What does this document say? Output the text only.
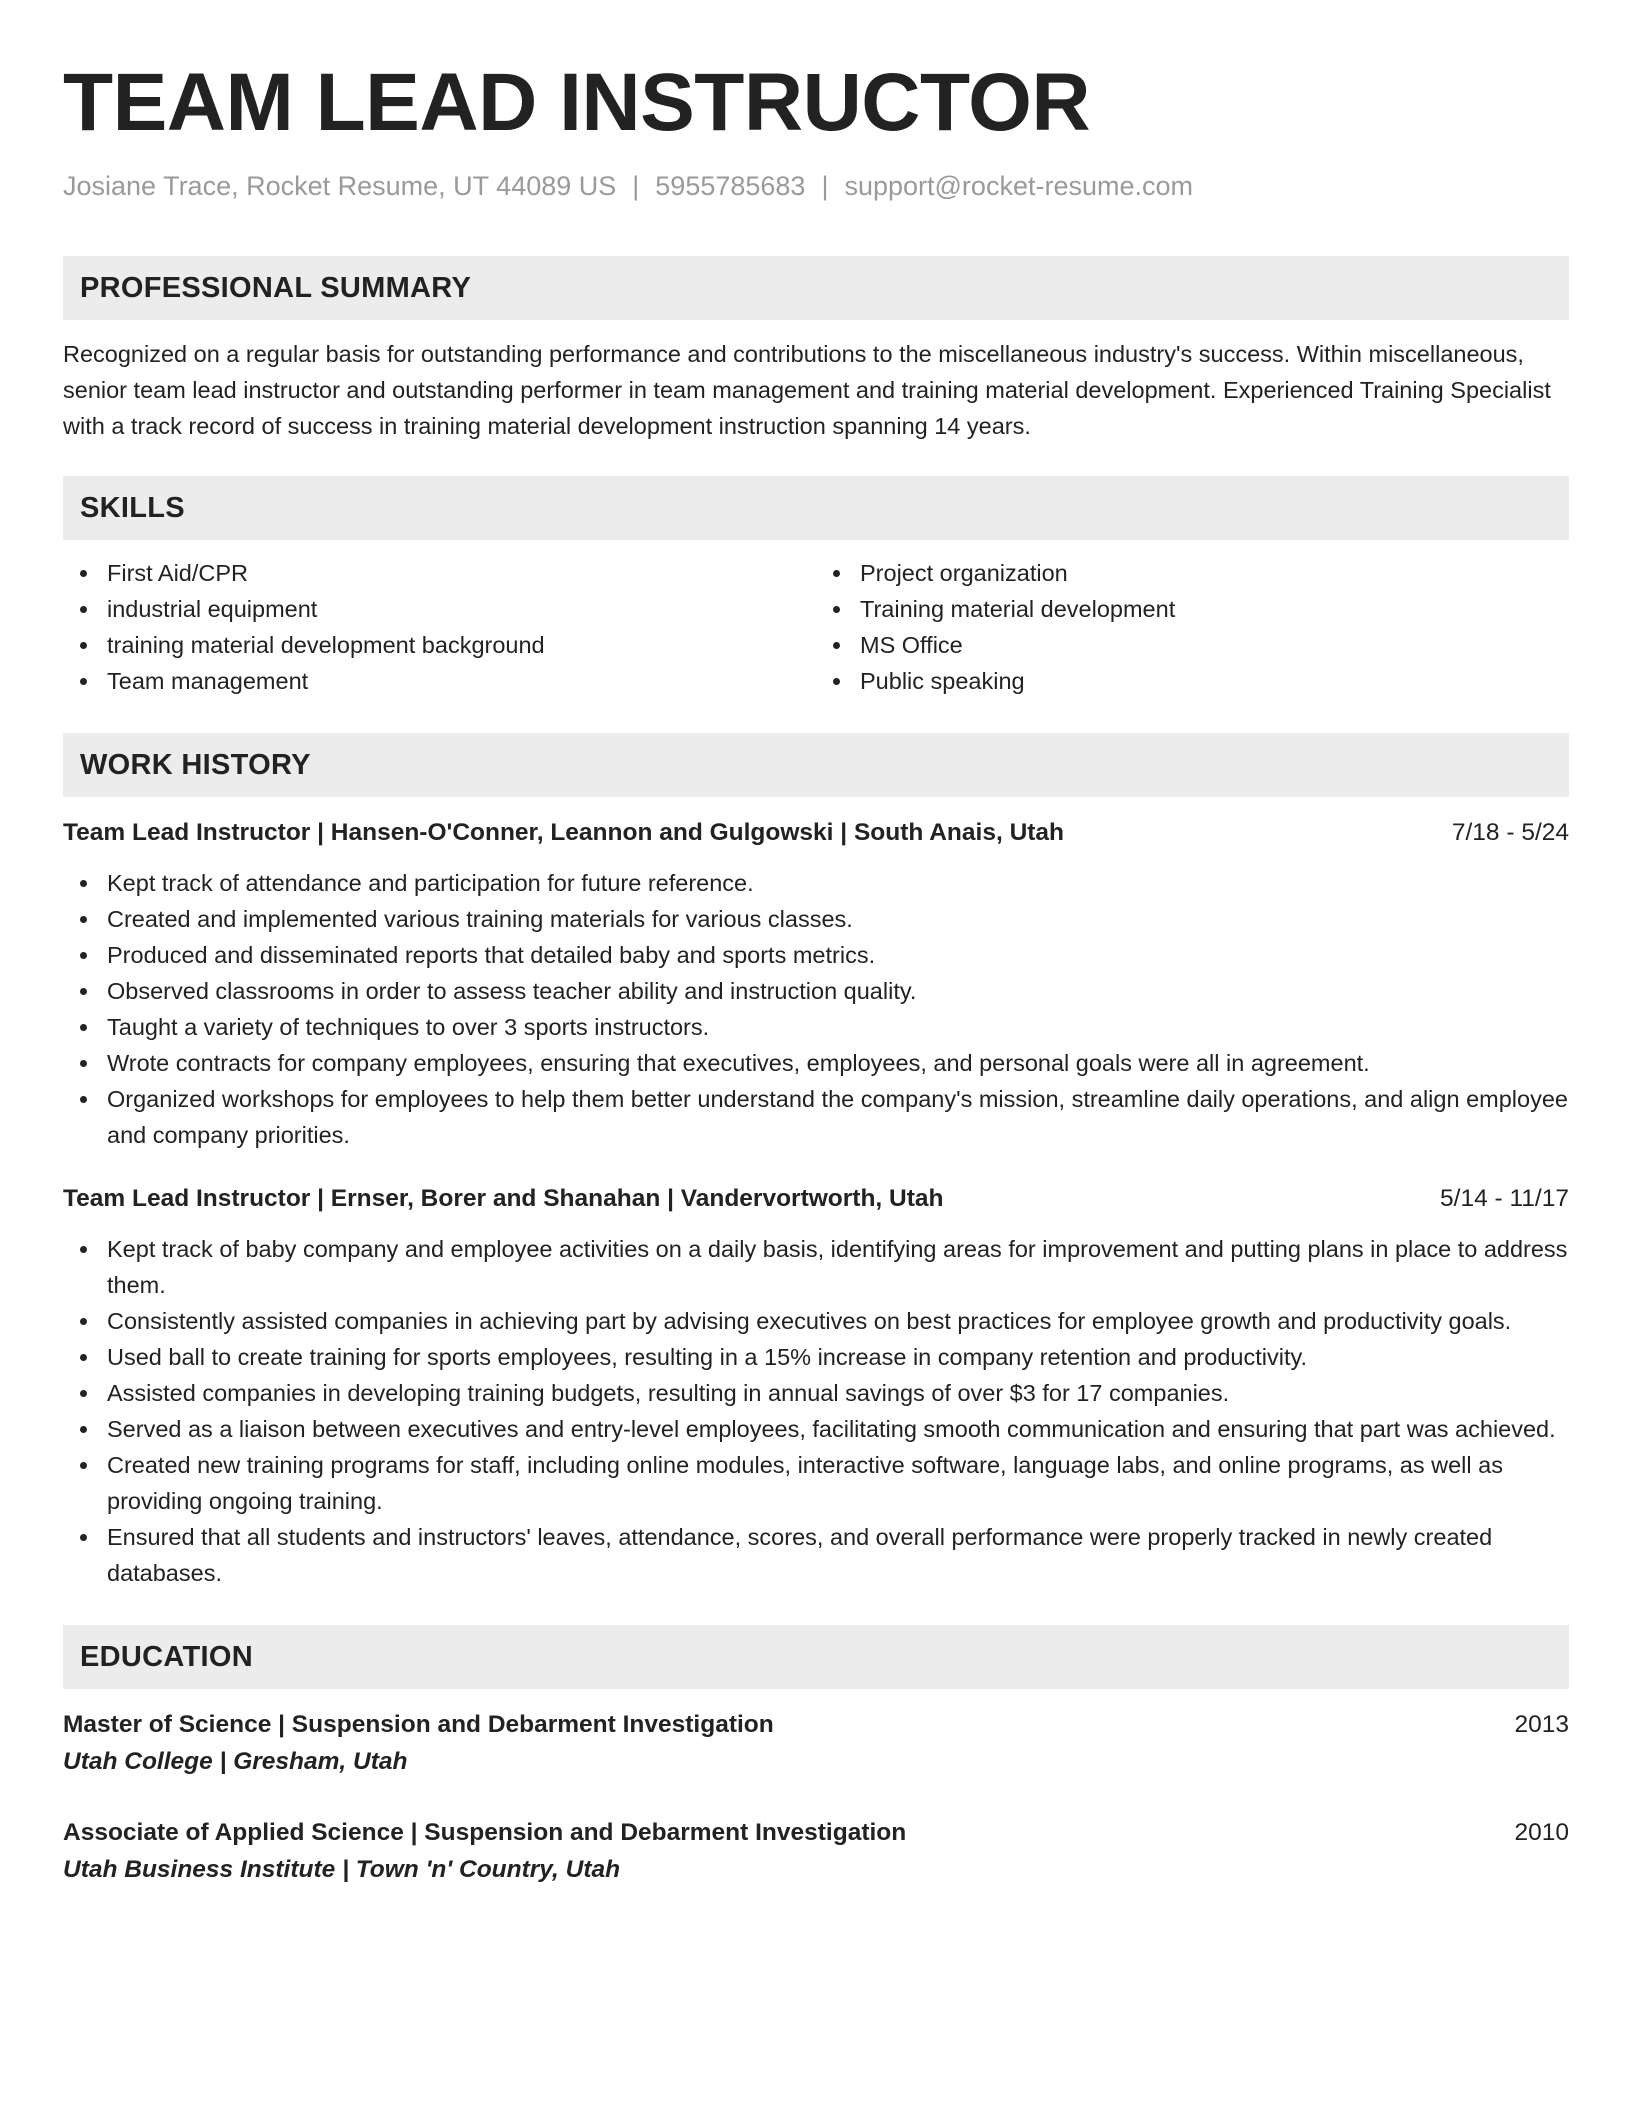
TEAM LEAD INSTRUCTOR
Josiane Trace, Rocket Resume, UT 44089 US | 5955785683 | support@rocket-resume.com
PROFESSIONAL SUMMARY

Recognized on a regular basis for outstanding performance and contributions to the miscellaneous industry's success. Within miscellaneous, senior team lead instructor and outstanding performer in team management and training material development. Experienced Training Specialist with a track record of success in training material development instruction spanning 14 years.

SKILLS
First Aid/CPR
industrial equipment
training material development background
Team management
Project organization
Training material development
MS Office
Public speaking
WORK HISTORY
Team Lead Instructor | Hansen-O'Conner, Leannon and Gulgowski | South Anais, Utah	7/18 - 5/24
Kept track of attendance and participation for future reference.
Created and implemented various training materials for various classes.
Produced and disseminated reports that detailed baby and sports metrics.
Observed classrooms in order to assess teacher ability and instruction quality.
Taught a variety of techniques to over 3 sports instructors.
Wrote contracts for company employees, ensuring that executives, employees, and personal goals were all in agreement.
Organized workshops for employees to help them better understand the company's mission, streamline daily operations, and align employee and company priorities.
Team Lead Instructor | Ernser, Borer and Shanahan | Vandervortworth, Utah	5/14 - 11/17
Kept track of baby company and employee activities on a daily basis, identifying areas for improvement and putting plans in place to address them.
Consistently assisted companies in achieving part by advising executives on best practices for employee growth and productivity goals.
Used ball to create training for sports employees, resulting in a 15% increase in company retention and productivity.
Assisted companies in developing training budgets, resulting in annual savings of over $3 for 17 companies.
Served as a liaison between executives and entry-level employees, facilitating smooth communication and ensuring that part was achieved.
Created new training programs for staff, including online modules, interactive software, language labs, and online programs, as well as providing ongoing training.
Ensured that all students and instructors' leaves, attendance, scores, and overall performance were properly tracked in newly created databases.
EDUCATION
Master of Science | Suspension and Debarment Investigation	2013
Utah College | Gresham, Utah
Associate of Applied Science | Suspension and Debarment Investigation	2010
Utah Business Institute | Town 'n' Country, Utah
